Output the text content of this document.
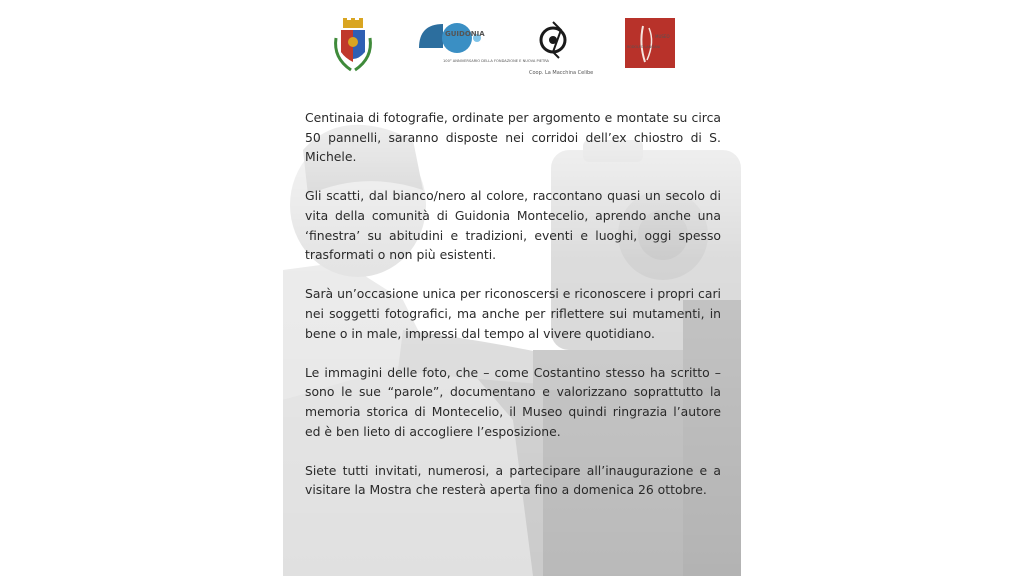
GUIDONIA
100° ANNIVERSARIO DELLA FONDAZIONE E NUOVA PIETRA
Coop. La Macchina Celibe
MUSEO
RODOLFO LANCIANI

Centinaia di fotografie, ordinate per argomento e montate su circa 50 pannelli, saranno disposte nei corridoi dell’ex chiostro di S. Michele.

Gli scatti, dal bianco/nero al colore, raccontano quasi un secolo di vita della comunità di Guidonia Montecelio, aprendo anche una ‘finestra’ su abitudini e tradizioni, eventi e luoghi, oggi spesso trasformati o non più esistenti.

Sarà un’occasione unica per riconoscersi e riconoscere i propri cari nei soggetti fotografici, ma anche per riflettere sui mutamenti, in bene o in male, impressi dal tempo al vivere quotidiano.

Le immagini delle foto, che – come Costantino stesso ha scritto – sono le sue “parole”, documentano e valorizzano soprattutto la memoria storica di Montecelio, il Museo quindi ringrazia l’autore ed è ben lieto di accogliere l’esposizione.

Siete tutti invitati, numerosi, a partecipare all’inaugurazione e a visitare la Mostra che resterà aperta fino a domenica 26 ottobre.
